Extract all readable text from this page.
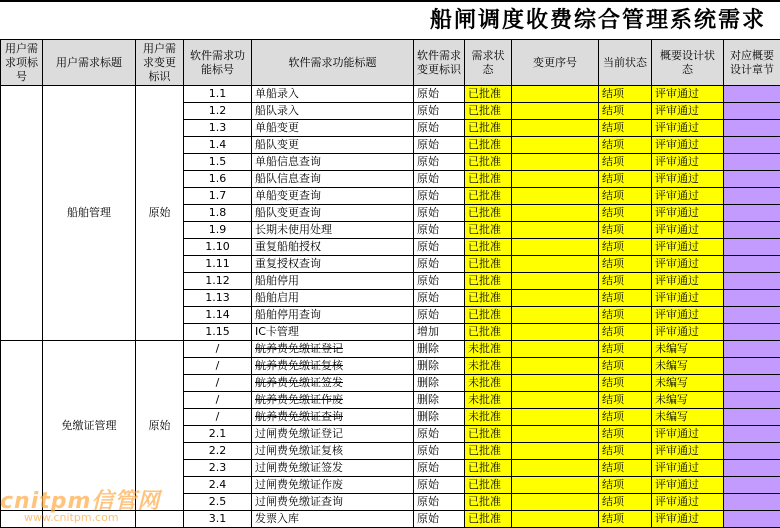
船闸调度收费综合管理系统需求
用户需求项标号	用户需求标题	用户需求变更标识	软件需求功能标号	软件需求功能标题	软件需求变更标识	需求状态	变更序号	当前状态	概要设计状态	对应概要设计章节
	船舶管理	原始	1.1	单船录入	原始	已批准		结项	评审通过	
			1.2	船队录入	原始	已批准		结项	评审通过	
			1.3	单船变更	原始	已批准		结项	评审通过	
			1.4	船队变更	原始	已批准		结项	评审通过	
			1.5	单船信息查询	原始	已批准		结项	评审通过	
			1.6	船队信息查询	原始	已批准		结项	评审通过	
			1.7	单船变更查询	原始	已批准		结项	评审通过	
			1.8	船队变更查询	原始	已批准		结项	评审通过	
			1.9	长期未使用处理	原始	已批准		结项	评审通过	
			1.10	重复船舶授权	原始	已批准		结项	评审通过	
			1.11	重复授权查询	原始	已批准		结项	评审通过	
			1.12	船舶停用	原始	已批准		结项	评审通过	
			1.13	船舶启用	原始	已批准		结项	评审通过	
			1.14	船舶停用查询	原始	已批准		结项	评审通过	
			1.15	IC卡管理	增加	已批准		结项	评审通过	
	免缴证管理	原始	/	航养费免缴证登记	删除	未批准		结项	未编写	
			/	航养费免缴证复核	删除	未批准		结项	未编写	
			/	航养费免缴证签发	删除	未批准		结项	未编写	
			/	航养费免缴证作废	删除	未批准		结项	未编写	
			/	航养费免缴证查询	删除	未批准		结项	未编写	
			2.1	过闸费免缴证登记	原始	已批准		结项	评审通过	
			2.2	过闸费免缴证复核	原始	已批准		结项	评审通过	
			2.3	过闸费免缴证签发	原始	已批准		结项	评审通过	
			2.4	过闸费免缴证作废	原始	已批准		结项	评审通过	
			2.5	过闸费免缴证查询	原始	已批准		结项	评审通过	
			3.1	发票入库	原始	已批准		结项	评审通过	
cnitpm信管网
www.cnitpm.com
